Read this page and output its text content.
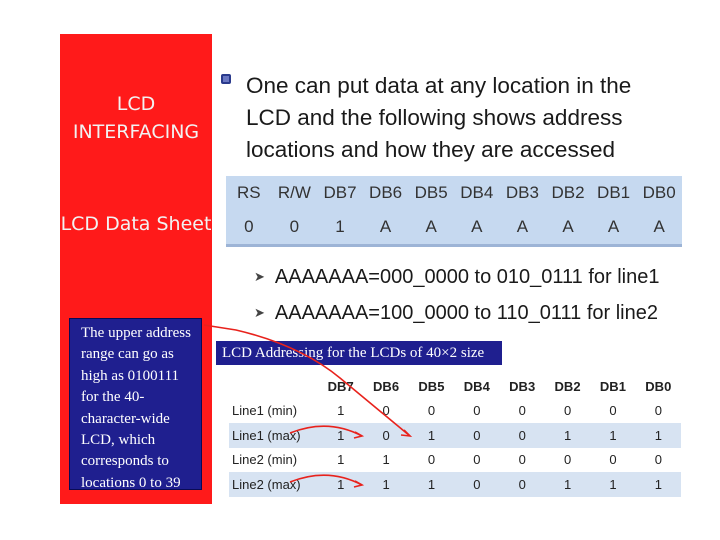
LCD
INTERFACING
LCD Data Sheet
The upper address
range can go as
high as 0100111
for the 40-
character-wide
LCD, which
corresponds to
locations 0 to 39
One can put data at any location in the
LCD and the following shows address
locations and how they are accessed
RS	R/W DB7 DB6 DB5 DB4 DB3 DB2 DB1 DB0
0	0	1	A	A	A	A	A	A	A
➤ AAAAAAA=000_0000 to 010_0111 for line1
➤ AAAAAAA=100_0000 to 110_0111 for line2
LCD Addressing for the LCDs of 40×2 size
	DB7	DB6	DB5	DB4	DB3	DB2	DB1	DB0
Line1 (min)	1	0	0	0	0	0	0	0
Line1 (max)	1	0	1	0	0	1	1	1
Line2 (min)	1	1	0	0	0	0	0	0
Line2 (max)	1	1	1	0	0	1	1	1
